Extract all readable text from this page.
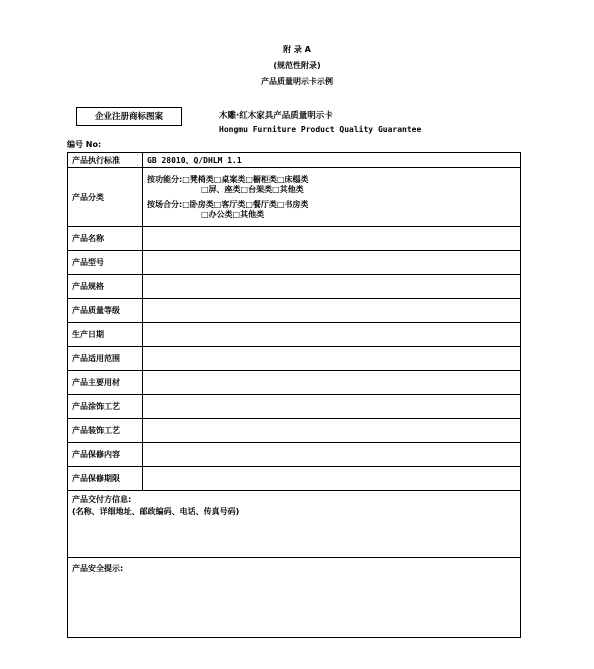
附 录 A
(规范性附录)
产品质量明示卡示例
企业注册商标图案	木雕·红木家具产品质量明示卡
Hongmu Furniture Product Quality Guarantee
编号 No:
产品执行标准	GB 28010、Q/DHLM 1.1
产品分类	按功能分:□凳椅类□桌案类□橱柜类□床榻类
□屏、座类□台架类□其他类
按场合分:□卧房类□客厅类□餐厅类□书房类
□办公类□其他类

产品名称	
产品型号	
产品规格	
产品质量等级	
生产日期	
产品适用范围	
产品主要用材	
产品涂饰工艺	
产品装饰工艺	
产品保修内容	
产品保修期限	

产品交付方信息:
(名称、详细地址、邮政编码、电话、传真号码)	

产品安全提示:	
